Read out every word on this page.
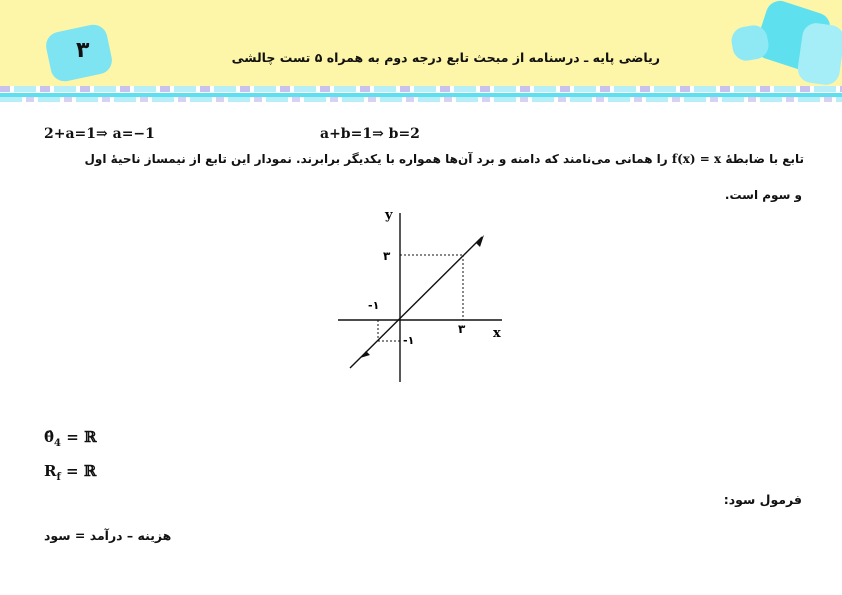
۳	ریاضی پایه ـ درسنامه از مبحث تابع درجه دوم به همراه ۵ تست چالشی
2+a=1⇒ a=−1	a+b=1⇒ b=2
تابع با ضابطهٔ f(x) = x را همانی می‌نامند که دامنه و برد آن‌ها همواره با یکدیگر برابرند. نمودار این تابع از نیمساز ناحیهٔ اول
و سوم است.
y
x
۳
۳
-۱
-۱
$\thetâ_4$ = ℝ
$R_f$ = ℝ
فرمول سود:
هزینه – درآمد = سود
